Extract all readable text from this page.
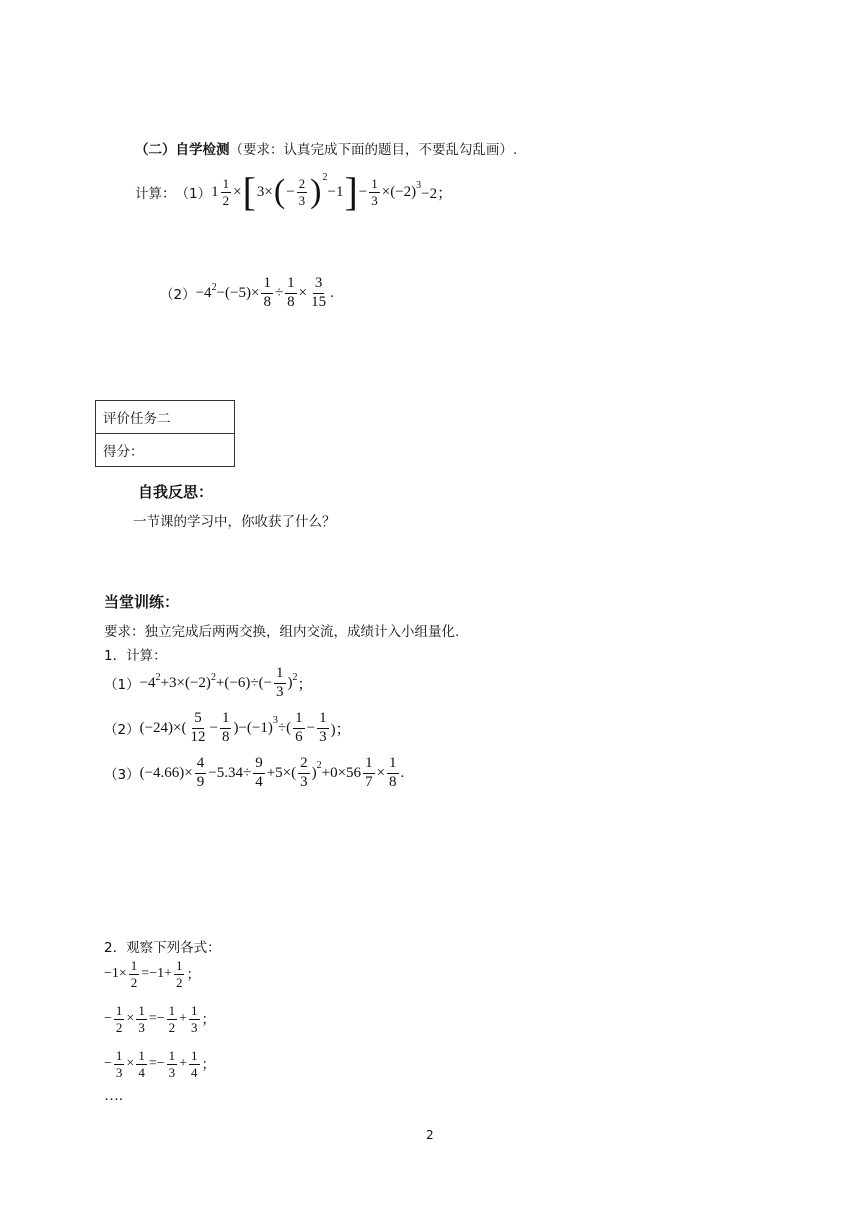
（二）自学检测（要求：认真完成下面的题目，不要乱勾乱画）.
计算： （1） $1 \frac{1}{2}$ × [ 3× ( − $\frac{2}{3} )^2$
−1 ] − $\frac{1}{3} \times(-2)^3 -2$；
$(2) -4^2 -(-5)\times \frac{1}{8} \div \frac{1}{8} \times \frac{3}{15}$ .
评价任务二
得分：
自我反思：
一节课的学习中，你收获了什么？
当堂训练：
要求：独立完成后两两交换，组内交流，成绩计入小组量化.
1．计算：
$(1) -4^2 +3\times(-2)^2 +(-6)\div(- \frac{1}{3} )^2$ ；
（2） $(-24)\times( \frac{5}{12} - \frac{1}{8} )-(-1)^3$ ÷( $\frac{1}{6} - \frac{1}{3}$ )；
（3） $(-4.66)\times \frac{4}{9} -5.34\div \frac{9}{4} +5\times( \frac{2}{3} )^2 +0\times 56 \frac{1}{7} \times \frac{1}{8}$ .
2．观察下列各式：
$-1\times \frac{1}{2} =-1+ \frac{1}{2}$ ；
− $\frac{1}{2} \times \frac{1}{3} =- \frac{1}{2} + \frac{1}{3}$ ；
− $\frac{1}{3} \times \frac{1}{4} =- \frac{1}{3} + \frac{1}{4}$ ；
….
2
